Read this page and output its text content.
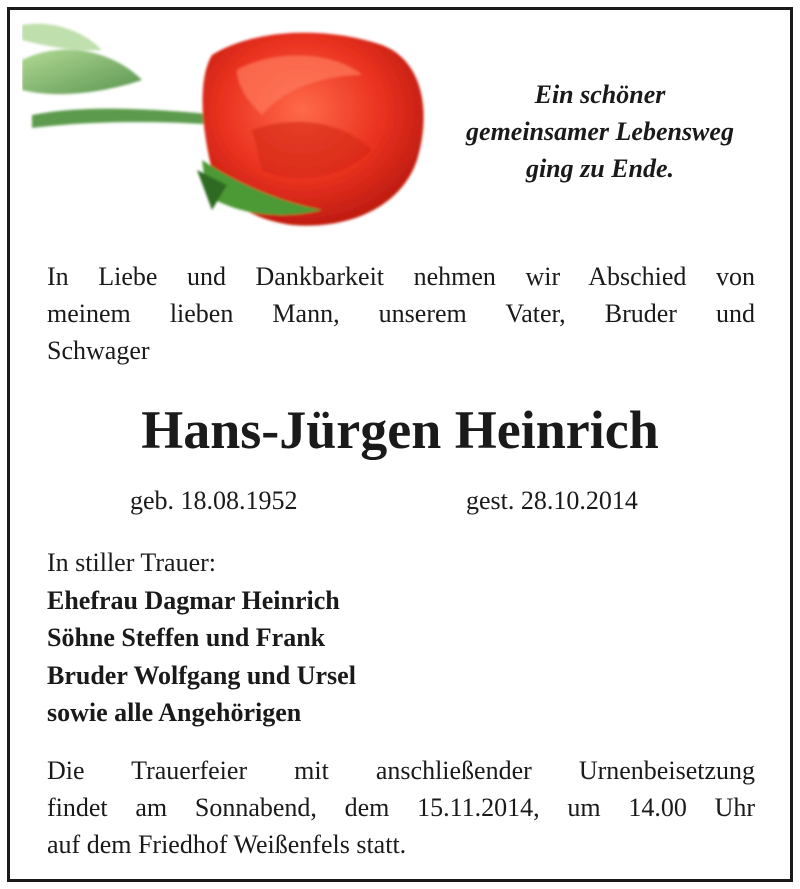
Ein schöner
gemeinsamer Lebensweg
ging zu Ende.
In Liebe und Dankbarkeit nehmen wir Abschied von
meinem lieben Mann, unserem Vater, Bruder und
Schwager
Hans-Jürgen Heinrich
geb. 18.08.1952	gest. 28.10.2014
In stiller Trauer:
Ehefrau Dagmar Heinrich
Söhne Steffen und Frank
Bruder Wolfgang und Ursel
sowie alle Angehörigen
Die Trauerfeier mit anschließender Urnenbeisetzung
findet am Sonnabend, dem 15.11.2014, um 14.00 Uhr
auf dem Friedhof Weißenfels statt.
